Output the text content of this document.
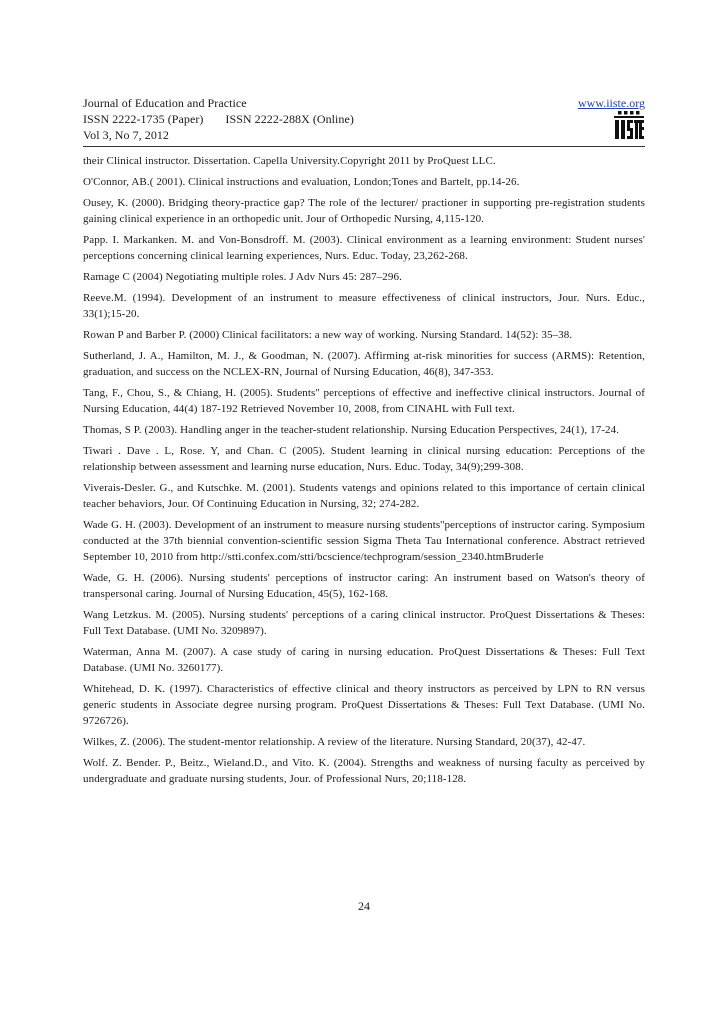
Journal of Education and Practice
ISSN 2222-1735 (Paper) ISSN 2222-288X (Online)
Vol 3, No 7, 2012
www.iiste.org
their Clinical instructor. Dissertation. Capella University.Copyright 2011 by ProQuest LLC.
O'Connor, AB.( 2001). Clinical instructions and evaluation, London;Tones and Bartelt, pp.14-26.
Ousey, K. (2000). Bridging theory-practice gap? The role of the lecturer/ practioner in supporting pre-registration students gaining clinical experience in an orthopedic unit. Jour of Orthopedic Nursing, 4,115-120.
Papp. I. Markanken. M. and Von-Bonsdroff. M. (2003). Clinical environment as a learning environment: Student nurses' perceptions concerning clinical learning experiences, Nurs. Educ. Today, 23,262-268.
Ramage C (2004) Negotiating multiple roles. J Adv Nurs 45: 287–296.
Reeve.M. (1994). Development of an instrument to measure effectiveness of clinical instructors, Jour. Nurs. Educ., 33(1);15-20.
Rowan P and Barber P. (2000) Clinical facilitators: a new way of working. Nursing Standard. 14(52): 35–38.
Sutherland, J. A., Hamilton, M. J., & Goodman, N. (2007). Affirming at-risk minorities for success (ARMS): Retention, graduation, and success on the NCLEX-RN, Journal of Nursing Education, 46(8), 347-353.
Tang, F., Chou, S., & Chiang, H. (2005). Students'' perceptions of effective and ineffective clinical instructors. Journal of Nursing Education, 44(4) 187-192 Retrieved November 10, 2008, from CINAHL with Full text.
Thomas, S P. (2003). Handling anger in the teacher-student relationship. Nursing Education Perspectives, 24(1), 17-24.
Tiwari . Dave . L, Rose. Y, and Chan. C (2005). Student learning in clinical nursing education: Perceptions of the relationship between assessment and learning nurse education, Nurs. Educ. Today, 34(9);299-308.
Viverais-Desler. G., and Kutschke. M. (2001). Students vatengs and opinions related to this importance of certain clinical teacher behaviors, Jour. Of Continuing Education in Nursing, 32; 274-282.
Wade G. H. (2003). Development of an instrument to measure nursing students''perceptions of instructor caring. Symposium conducted at the 37th biennial convention-scientific session Sigma Theta Tau International conference. Abstract retrieved September 10, 2010 from http://stti.confex.com/stti/bcscience/techprogram/session_2340.htmBruderle
Wade, G. H. (2006). Nursing students' perceptions of instructor caring: An instrument based on Watson's theory of transpersonal caring. Journal of Nursing Education, 45(5), 162-168.
Wang Letzkus. M. (2005). Nursing students' perceptions of a caring clinical instructor. ProQuest Dissertations & Theses: Full Text Database. (UMI No. 3209897).
Waterman, Anna M. (2007). A case study of caring in nursing education. ProQuest Dissertations & Theses: Full Text Database. (UMI No. 3260177).
Whitehead, D. K. (1997). Characteristics of effective clinical and theory instructors as perceived by LPN to RN versus generic students in Associate degree nursing program. ProQuest Dissertations & Theses: Full Text Database. (UMI No. 9726726).
Wilkes, Z. (2006). The student-mentor relationship. A review of the literature. Nursing Standard, 20(37), 42-47.
Wolf. Z. Bender. P., Beitz., Wieland.D., and Vito. K. (2004). Strengths and weakness of nursing faculty as perceived by undergraduate and graduate nursing students, Jour. of Professional Nurs, 20;118-128.
24
